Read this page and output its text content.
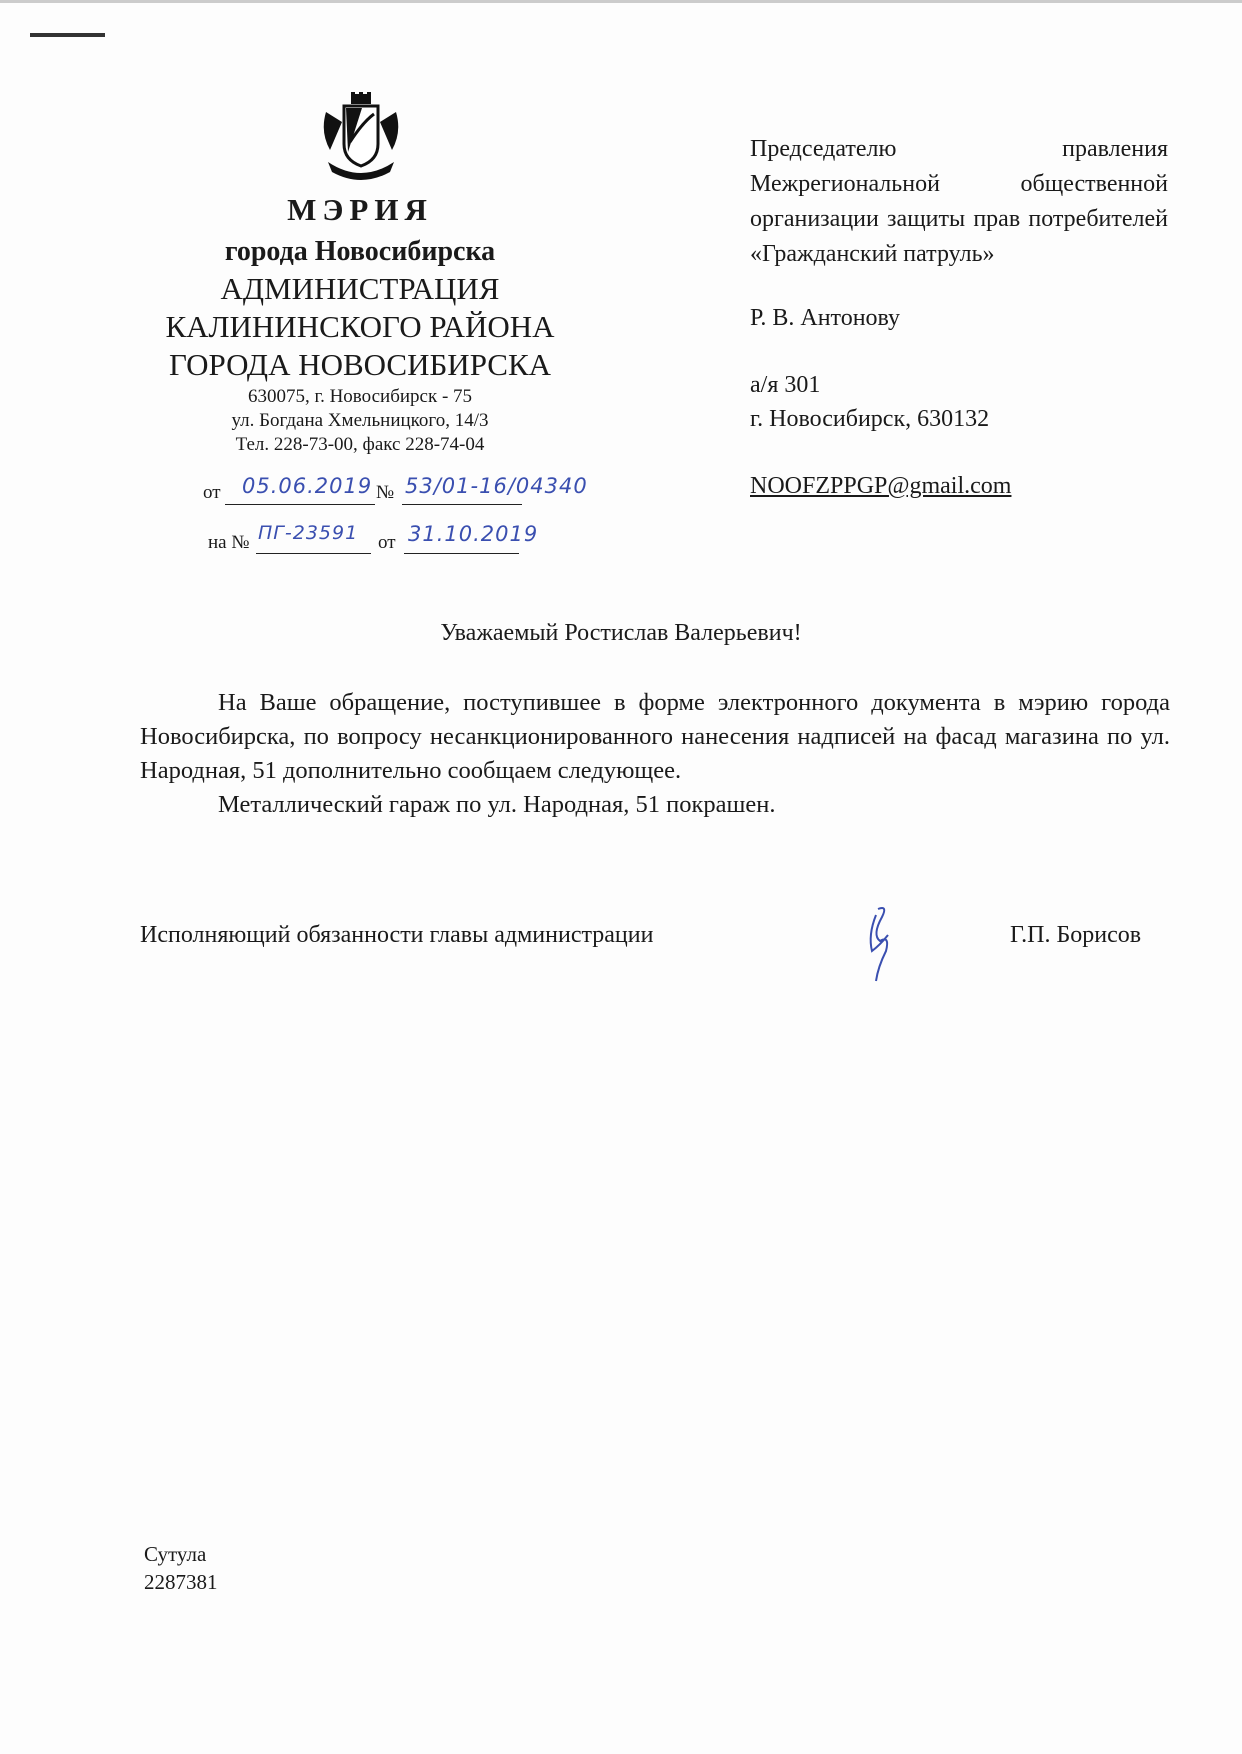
МЭРИЯ
города Новосибирска
АДМИНИСТРАЦИЯ
КАЛИНИНСКОГО РАЙОНА
ГОРОДА НОВОСИБИРСКА
630075, г. Новосибирск - 75
ул. Богдана Хмельницкого, 14/3
Тел. 228-73-00, факс 228-74-04
от 05.06.2019 № 53/01-16/04340
на № ПГ-23591 от 31.10.2019
Председателю правления Межрегиональной общественной организации защиты прав потребителей «Гражданский патруль»
Р. В. Антонову
а/я 301
г. Новосибирск, 630132
NOOFZPPGP@gmail.com
Уважаемый Ростислав Валерьевич!

На Ваше обращение, поступившее в форме электронного документа в мэрию города Новосибирска, по вопросу несанкционированного нанесения надписей на фасад магазина по ул. Народная, 51 дополнительно сообщаем следующее.

Металлический гараж по ул. Народная, 51 покрашен.

Исполняющий обязанности главы администрации	Г.П. Борисов
Сутула
2287381
